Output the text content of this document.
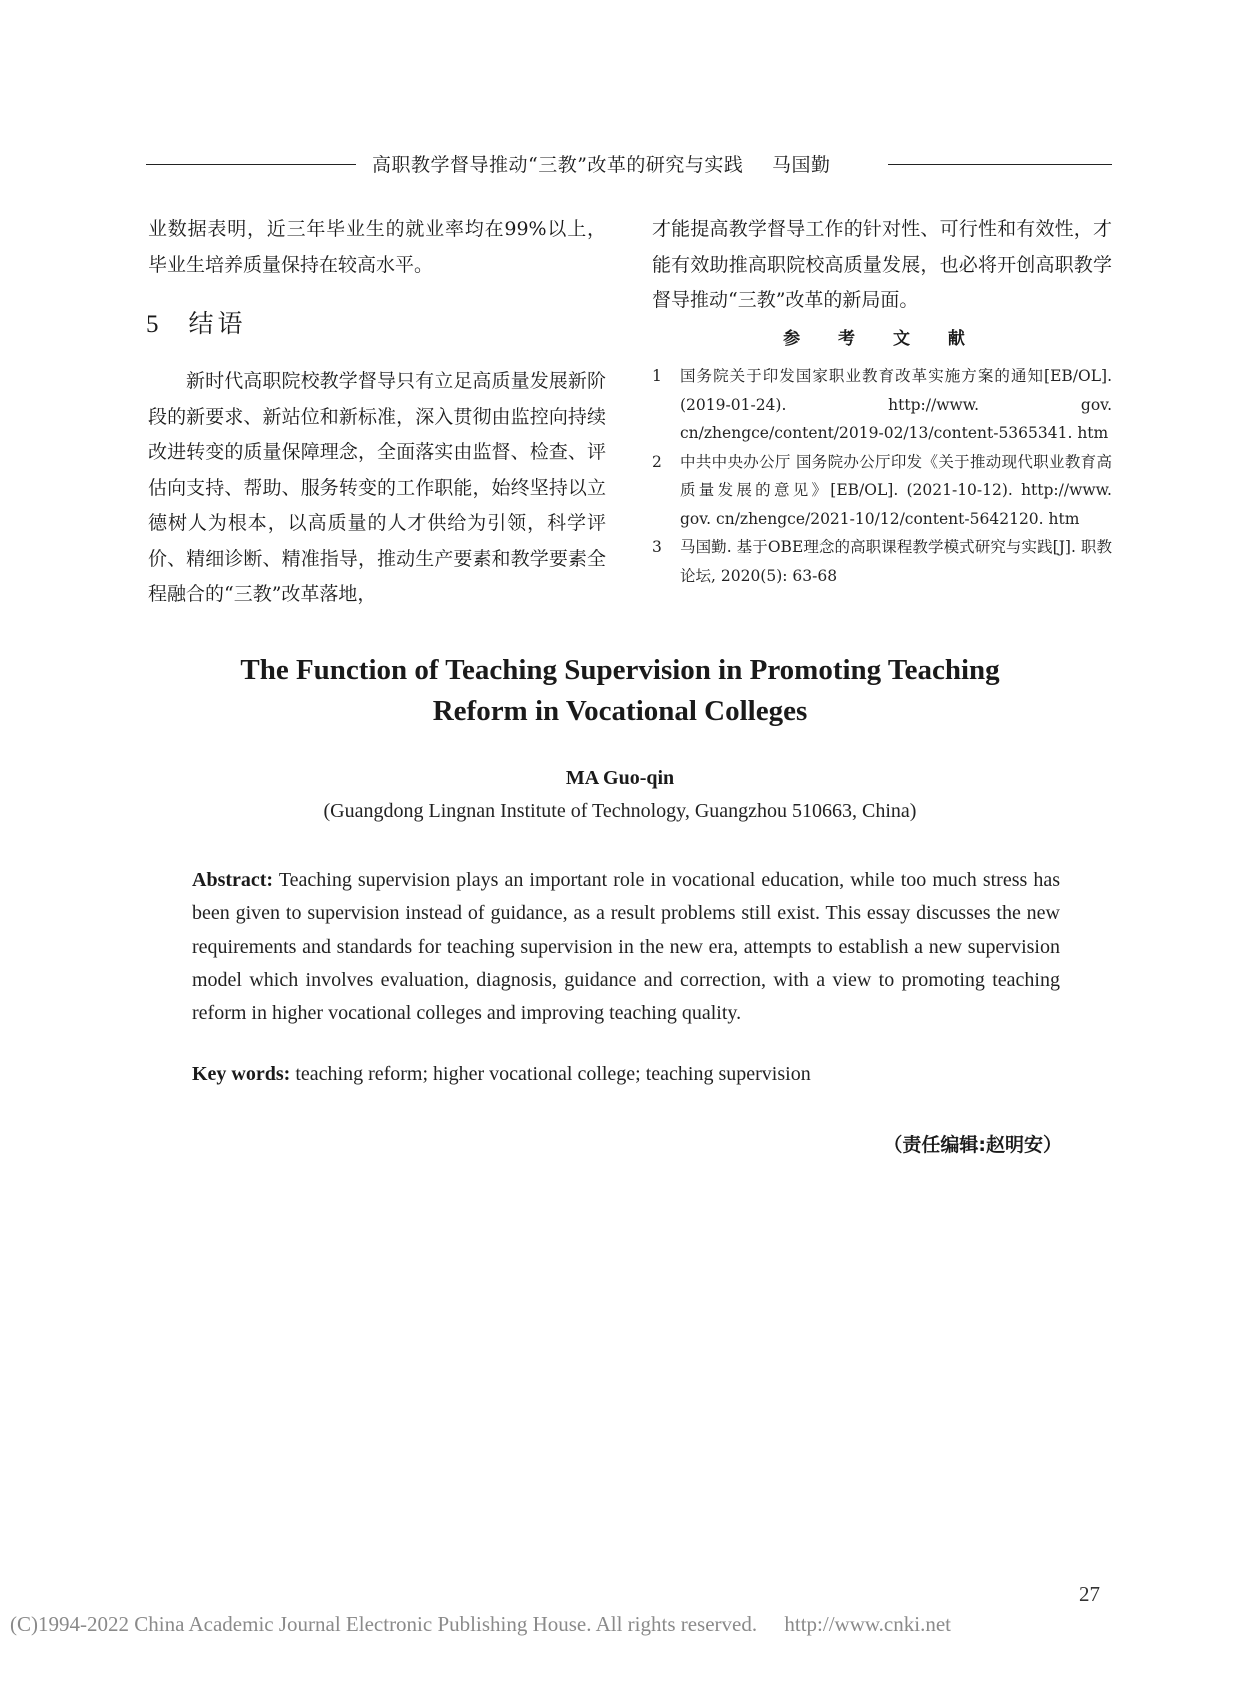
高职教学督导推动“三教”改革的研究与实践 马国勤

业数据表明，近三年毕业生的就业率均在99%以上，毕业生培养质量保持在较高水平。

5 结语

新时代高职院校教学督导只有立足高质量发展新阶段的新要求、新站位和新标准，深入贯彻由监控向持续改进转变的质量保障理念，全面落实由监督、检查、评估向支持、帮助、服务转变的工作职能，始终坚持以立德树人为根本，以高质量的人才供给为引领，科学评价、精细诊断、精准指导，推动生产要素和教学要素全程融合的“三教”改革落地，

才能提高教学督导工作的针对性、可行性和有效性，才能有效助推高职院校高质量发展，也必将开创高职教学督导推动“三教”改革的新局面。

参 考 文 献

1 国务院关于印发国家职业教育改革实施方案的通知[EB/OL]. (2019-01-24). http://www. gov. cn/zhengce/content/2019-02/13/content-5365341. htm

2 中共中央办公厅 国务院办公厅印发《关于推动现代职业教育高质量发展的意见》[EB/OL]. (2021-10-12). http://www. gov. cn/zhengce/2021-10/12/content-5642120. htm

3 马国勤. 基于OBE理念的高职课程教学模式研究与实践[J]. 职教论坛, 2020(5): 63-68

The Function of Teaching Supervision in Promoting Teaching
Reform in Vocational Colleges
MA Guo-qin
(Guangdong Lingnan Institute of Technology, Guangzhou 510663, China)

Abstract: Teaching supervision plays an important role in vocational education, while too much stress has been given to supervision instead of guidance, as a result problems still exist. This essay discusses the new requirements and standards for teaching supervision in the new era, attempts to establish a new supervision model which involves evaluation, diagnosis, guidance and correction, with a view to promoting teaching reform in higher vocational colleges and improving teaching quality.

Key words: teaching reform; higher vocational college; teaching supervision
（责任编辑:赵明安）
27
(C)1994-2022 China Academic Journal Electronic Publishing House. All rights reserved. http://www.cnki.net
